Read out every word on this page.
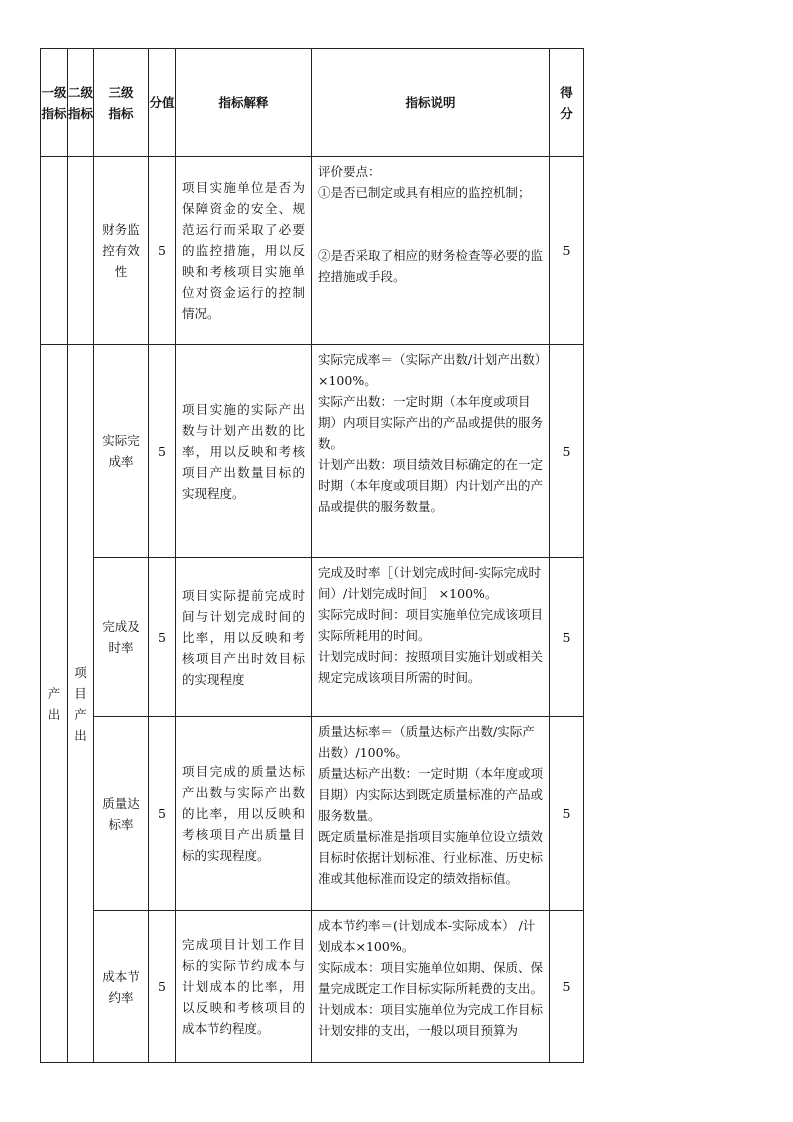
一级指标	二级指标	三级指标	分值	指标解释	指标说明	得分
		财务监控有效性	5	项目实施单位是否为保障资金的安全、规范运行而采取了必要的监控措施，用以反映和考核项目实施单位对资金运行的控制情况。	评价要点：

①是否已制定或具有相应的监控机制；

②是否采取了相应的财务检查等必要的监控措施或手段。	5

产出	项目产出	实际完成率	5	项目实施的实际产出数与计划产出数的比率，用以反映和考核项目产出数量目标的实现程度。	实际完成率＝（实际产出数/计划产出数）×100%。

实际产出数：一定时期（本年度或项目期）内项目实际产出的产品或提供的服务数。

计划产出数：项目绩效目标确定的在一定时期（本年度或项目期）内计划产出的产品或提供的服务数量。	5
		完成及时率	5	项目实际提前完成时间与计划完成时间的比率，用以反映和考核项目产出时效目标的实现程度	完成及时率［（计划完成时间-实际完成时间）/计划完成时间］ ×100%。

实际完成时间：项目实施单位完成该项目实际所耗用的时间。

计划完成时间：按照项目实施计划或相关规定完成该项目所需的时间。	5
		质量达标率	5	项目完成的质量达标产出数与实际产出数的比率，用以反映和考核项目产出质量目标的实现程度。	质量达标率＝（质量达标产出数/实际产出数）/100%。

质量达标产出数：一定时期（本年度或项目期）内实际达到既定质量标准的产品或服务数量。

既定质量标准是指项目实施单位设立绩效目标时依据计划标准、行业标准、历史标准或其他标准而设定的绩效指标值。	5
		成本节约率	5	完成项目计划工作目标的实际节约成本与计划成本的比率，用以反映和考核项目的成本节约程度。	成本节约率＝(计划成本-实际成本） /计划成本×100%。

实际成本：项目实施单位如期、保质、保量完成既定工作目标实际所耗费的支出。

计划成本：项目实施单位为完成工作目标计划安排的支出，一般以项目预算为	5
